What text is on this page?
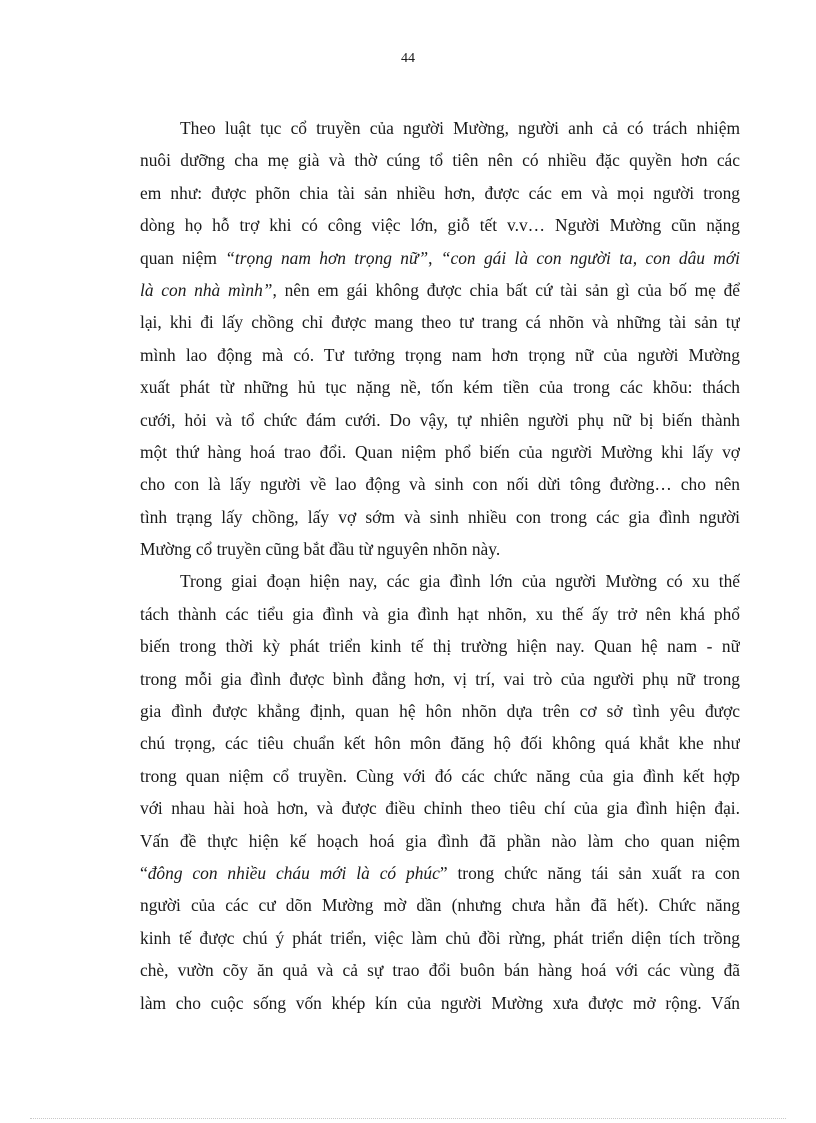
44
Theo luật tục cổ truyền của người Mường, người anh cả có trách nhiệm
nuôi dưỡng cha mẹ già và thờ cúng tổ tiên nên có nhiều đặc quyền hơn các
em như: được phõn chia tài sản nhiều hơn, được các em và mọi người trong
dòng họ hỗ trợ khi có công việc lớn, giỗ tết v.v… Người Mường cũn nặng
quan niệm “trọng nam hơn trọng nữ”, “con gái là con người ta, con dâu mới
là con nhà mình”, nên em gái không được chia bất cứ tài sản gì của bố mẹ để
lại, khi đi lấy chồng chỉ được mang theo tư trang cá nhõn và những tài sản tự
mình lao động mà có. Tư tưởng trọng nam hơn trọng nữ của người Mường
xuất phát từ những hủ tục nặng nề, tốn kém tiền của trong các khõu: thách
cưới, hỏi và tổ chức đám cưới. Do vậy, tự nhiên người phụ nữ bị biến thành
một thứ hàng hoá trao đổi. Quan niệm phổ biến của người Mường khi lấy vợ
cho con là lấy người về lao động và sinh con nối dừi tông đường… cho nên
tình trạng lấy chồng, lấy vợ sớm và sinh nhiều con trong các gia đình người
Mường cổ truyền cũng bắt đầu từ nguyên nhõn này.
Trong giai đoạn hiện nay, các gia đình lớn của người Mường có xu thế
tách thành các tiểu gia đình và gia đình hạt nhõn, xu thế ấy trở nên khá phổ
biến trong thời kỳ phát triển kinh tế thị trường hiện nay. Quan hệ nam - nữ
trong mỗi gia đình được bình đẳng hơn, vị trí, vai trò của người phụ nữ trong
gia đình được khẳng định, quan hệ hôn nhõn dựa trên cơ sở tình yêu được
chú trọng, các tiêu chuẩn kết hôn môn đăng hộ đối không quá khắt khe như
trong quan niệm cổ truyền. Cùng với đó các chức năng của gia đình kết hợp
với nhau hài hoà hơn, và được điều chỉnh theo tiêu chí của gia đình hiện đại.
Vấn đề thực hiện kế hoạch hoá gia đình đã phần nào làm cho quan niệm
“đông con nhiều cháu mới là có phúc” trong chức năng tái sản xuất ra con
người của các cư dõn Mường mờ dần (nhưng chưa hẳn đã hết). Chức năng
kinh tế được chú ý phát triển, việc làm chủ đồi rừng, phát triển diện tích trồng
chè, vườn cõy ăn quả và cả sự trao đổi buôn bán hàng hoá với các vùng đã
làm cho cuộc sống vốn khép kín của người Mường xưa được mở rộng. Vấn
